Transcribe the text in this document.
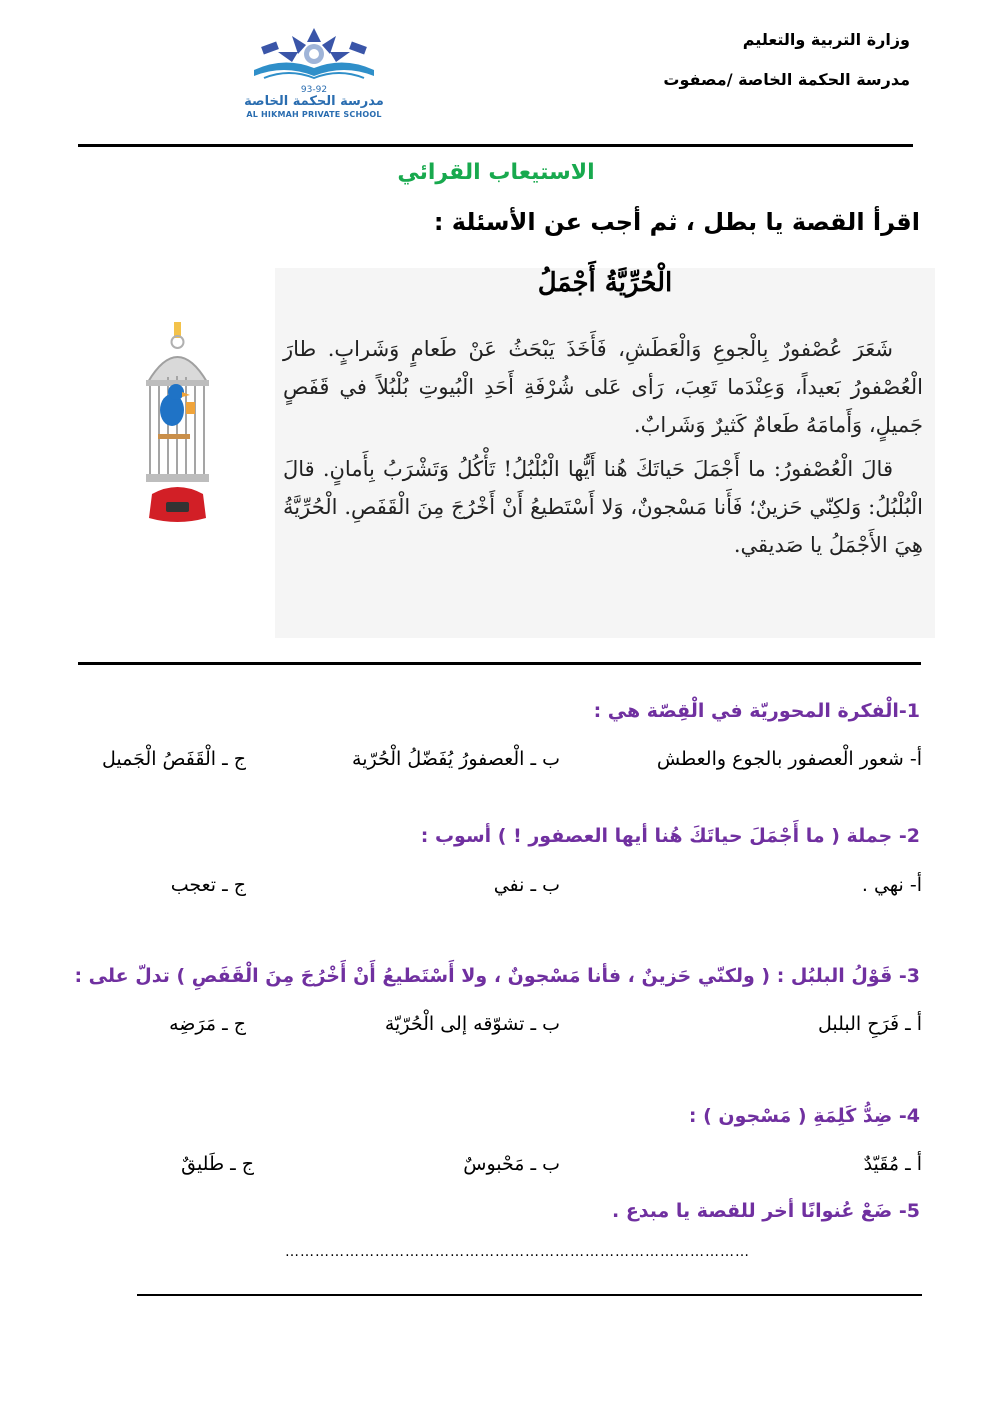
وزارة التربية والتعليم
مدرسة الحكمة الخاصة /مصفوت
93-92
مدرسة الحكمة الخاصة
AL HIKMAH PRIVATE SCHOOL
الاستيعاب القرائي
اقرأ القصة يا بطل ، ثم أجب عن الأسئلة :
الْحُرِّيَّةُ أَجْمَلُ

شَعَرَ عُصْفورٌ بِالْجوعِ وَالْعَطَشِ، فَأَخَذَ يَبْحَثُ عَنْ طَعامٍ وَشَرابٍ. طارَ الْعُصْفورُ بَعيداً، وَعِنْدَما تَعِبَ، رَأى عَلى شُرْفَةِ أَحَدِ الْبُيوتِ بُلْبُلاً في قَفَصٍ جَميلٍ، وَأَمامَهُ طَعامٌ كَثيرٌ وَشَرابٌ.

قالَ الْعُصْفورُ: ما أَجْمَلَ حَياتَكَ هُنا أَيُّها الْبُلْبُلُ! تَأْكُلُ وَتَشْرَبُ بِأَمانٍ. قالَ الْبُلْبُلُ: وَلكِنّي حَزينٌ؛ فَأَنا مَسْجونٌ، وَلا أَسْتَطيعُ أَنْ أَخْرُجَ مِنَ الْقَفَصِ. الْحُرِّيَّةُ هِيَ الأَجْمَلُ يا صَديقي.

1-الْفكرة المحوريّة في الْقِصّة هي :
أ- شعور الْعصفور بالجوع والعطش
ب ـ الْعصفورُ يُفَضّلُ الْحُرّية
ج ـ الْقَفَصُ الْجَميل
2- جملة ( ما أَجْمَلَ حياتَكَ هُنا أيها العصفور ! ) أسوب :
أ- نهي .
ب ـ نفي
ج ـ تعجب
3- قَوْلُ البلبُل : ( ولكنّي حَزينٌ ، فأنا مَسْجونٌ ، ولا أَسْتَطيعُ أَنْ أَخْرُجَ مِنَ الْقَفَصِ ) تدلّ على :
أ ـ فَرَحِ البلبل
ب ـ تشوّقه إلى الْحُرّيّة
ج ـ مَرَضِه
4- ضِدُّ كَلِمَةِ ( مَسْجون ) :
أ ـ مُقَيّدٌ
ب ـ مَحْبوسٌ
ج ـ طَليقٌ
5- ضَعْ عُنوانًا أخر للقصة يا مبدع .
…………………………………………………………………………………
